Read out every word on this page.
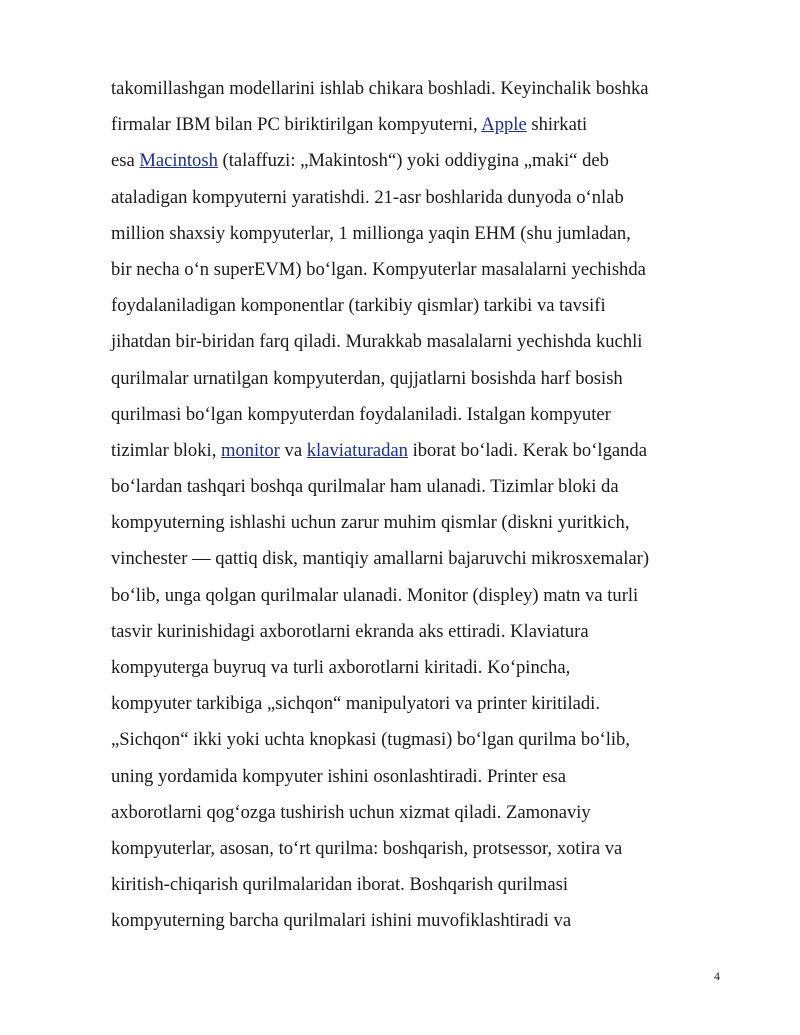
takomillashgan modellarini ishlab chikara boshladi. Keyinchalik boshka
firmalar IBM bilan PC biriktirilgan kompyuterni, Apple shirkati
esa Macintosh (talaffuzi: „Makintosh“) yoki oddiygina „maki“ deb
ataladigan kompyuterni yaratishdi. 21-asr boshlarida dunyoda oʻnlab
million shaxsiy kompyuterlar, 1 millionga yaqin EHM (shu jumladan,
bir necha oʻn superEVM) boʻlgan. Kompyuterlar masalalarni yechishda
foydalaniladigan komponentlar (tarkibiy qismlar) tarkibi va tavsifi
jihatdan bir-biridan farq qiladi. Murakkab masalalarni yechishda kuchli
qurilmalar urnatilgan kompyuterdan, qujjatlarni bosishda harf bosish
qurilmasi boʻlgan kompyuterdan foydalaniladi. Istalgan kompyuter
tizimlar bloki, monitor va klaviaturadan iborat boʻladi. Kerak boʻlganda
boʻlardan tashqari boshqa qurilmalar ham ulanadi. Tizimlar bloki da
kompyuterning ishlashi uchun zarur muhim qismlar (diskni yuritkich,
vinchester — qattiq disk, mantiqiy amallarni bajaruvchi mikrosxemalar)
boʻlib, unga qolgan qurilmalar ulanadi. Monitor (displey) matn va turli
tasvir kurinishidagi axborotlarni ekranda aks ettiradi. Klaviatura
kompyuterga buyruq va turli axborotlarni kiritadi. Koʻpincha,
kompyuter tarkibiga „sichqon“ manipulyatori va printer kiritiladi.
„Sichqon“ ikki yoki uchta knopkasi (tugmasi) boʻlgan qurilma boʻlib,
uning yordamida kompyuter ishini osonlashtiradi. Printer esa
axborotlarni qogʻozga tushirish uchun xizmat qiladi. Zamonaviy
kompyuterlar, asosan, toʻrt qurilma: boshqarish, protsessor, xotira va
kiritish-chiqarish qurilmalaridan iborat. Boshqarish qurilmasi
kompyuterning barcha qurilmalari ishini muvofiklashtiradi va
4
